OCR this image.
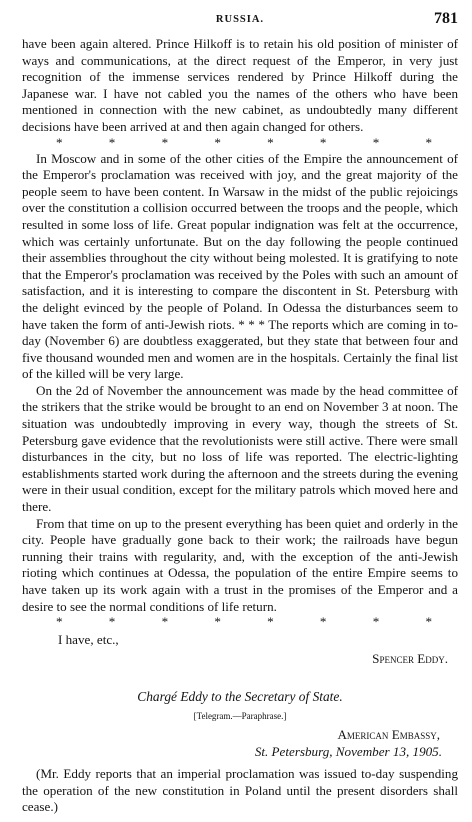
RUSSIA.	781

have been again altered. Prince Hilkoff is to retain his old position of minister of ways and communications, at the direct request of the Emperor, in very just recognition of the immense services rendered by Prince Hilkoff during the Japanese war. I have not cabled you the names of the others who have been mentioned in connection with the new cabinet, as undoubtedly many different decisions have been arrived at and then again changed for others.

*	*	*	*	*	*	*	*

In Moscow and in some of the other cities of the Empire the announcement of the Emperor's proclamation was received with joy, and the great majority of the people seem to have been content. In Warsaw in the midst of the public rejoicings over the constitution a collision occurred between the troops and the people, which resulted in some loss of life. Great popular indignation was felt at the occurrence, which was certainly unfortunate. But on the day following the people continued their assemblies throughout the city without being molested. It is gratifying to note that the Emperor's proclamation was received by the Poles with such an amount of satisfaction, and it is interesting to compare the discontent in St. Petersburg with the delight evinced by the people of Poland. In Odessa the disturbances seem to have taken the form of anti-Jewish riots. * * * The reports which are coming in to-day (November 6) are doubtless exaggerated, but they state that between four and five thousand wounded men and women are in the hospitals. Certainly the final list of the killed will be very large.

On the 2d of November the announcement was made by the head committee of the strikers that the strike would be brought to an end on November 3 at noon. The situation was undoubtedly improving in every way, though the streets of St. Petersburg gave evidence that the revolutionists were still active. There were small disturbances in the city, but no loss of life was reported. The electric-lighting establishments started work during the afternoon and the streets during the evening were in their usual condition, except for the military patrols which moved here and there.

From that time on up to the present everything has been quiet and orderly in the city. People have gradually gone back to their work; the railroads have begun running their trains with regularity, and, with the exception of the anti-Jewish rioting which continues at Odessa, the population of the entire Empire seems to have taken up its work again with a trust in the promises of the Emperor and a desire to see the normal conditions of life return.

*	*	*	*	*	*	*	*
I have, etc.,
Spencer Eddy.
Chargé Eddy to the Secretary of State.
[Telegram.—Paraphrase.]
American Embassy,
St. Petersburg, November 13, 1905.

(Mr. Eddy reports that an imperial proclamation was issued to-day suspending the operation of the new constitution in Poland until the present disorders shall cease.)
